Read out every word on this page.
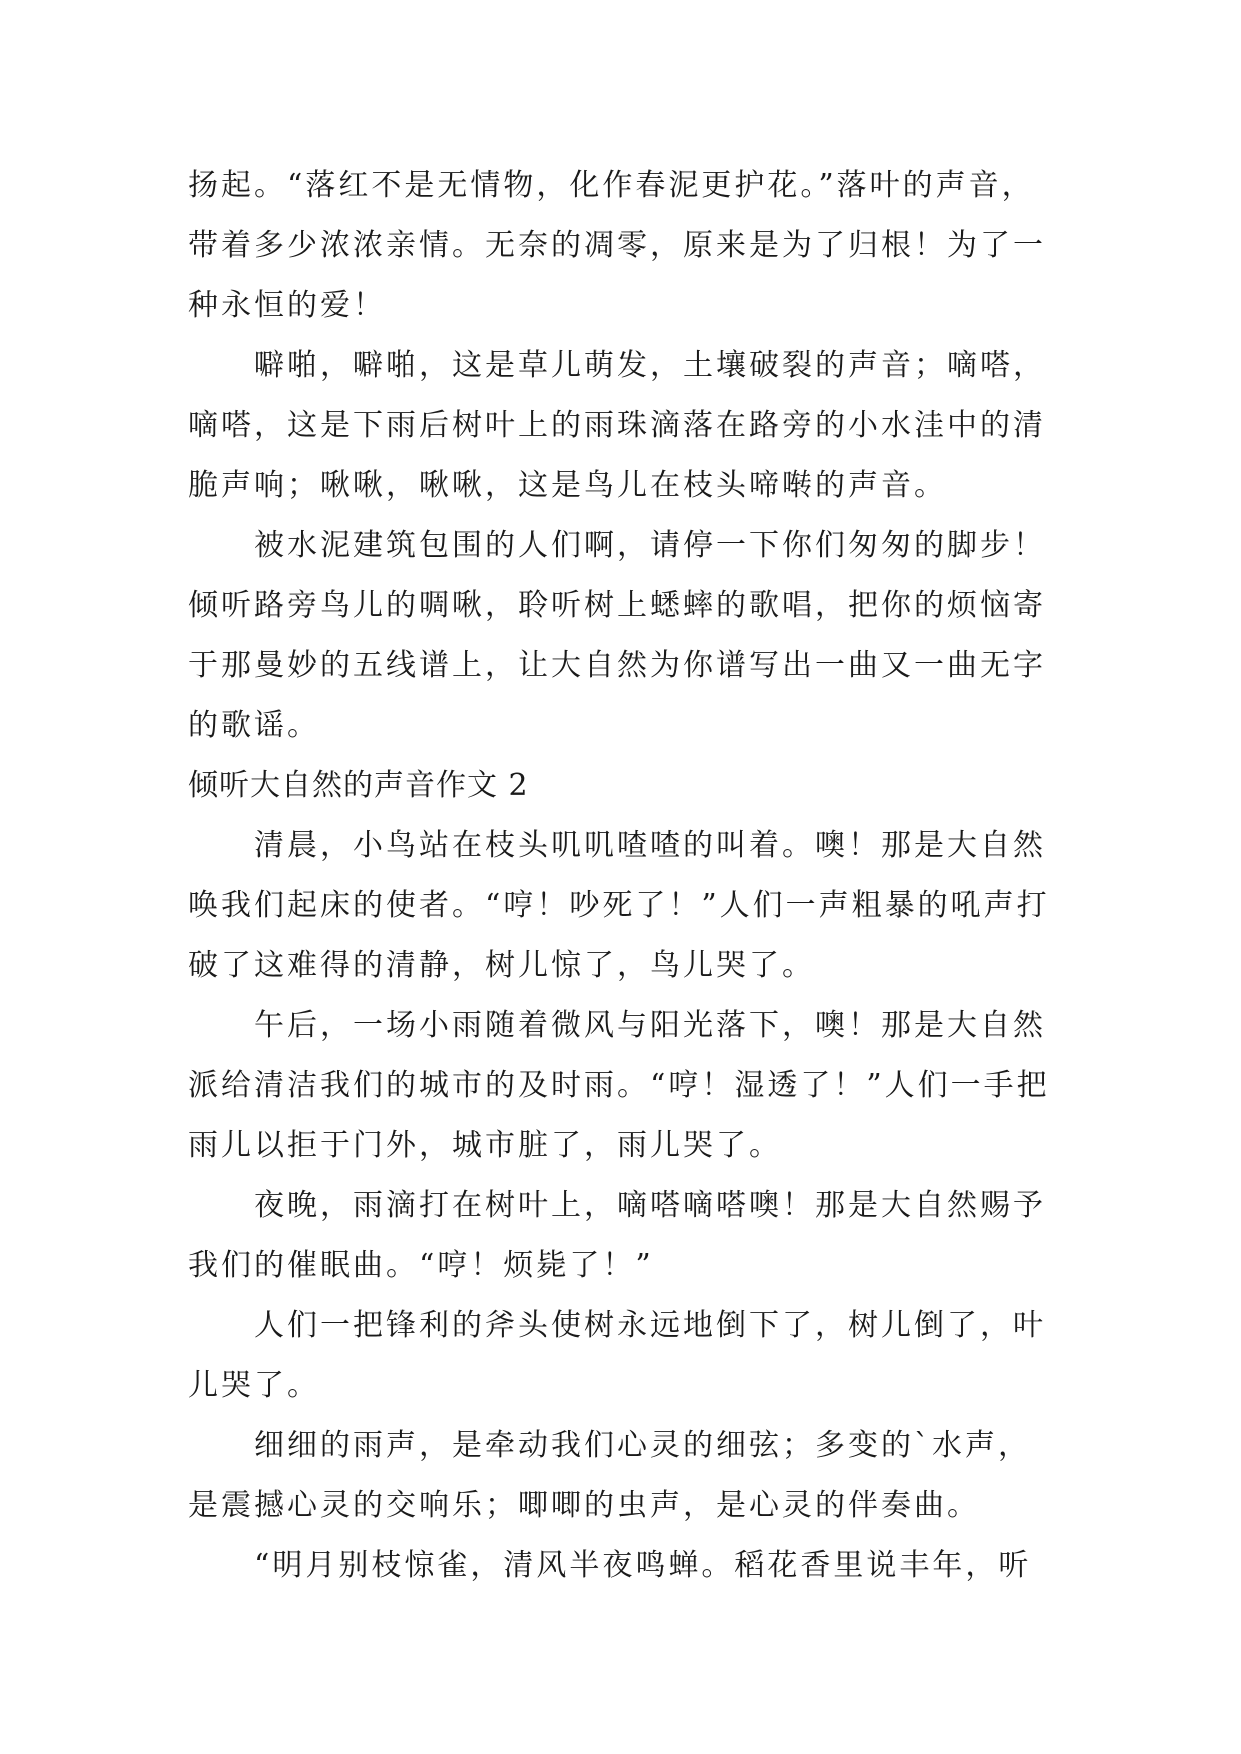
扬起。“落红不是无情物，化作春泥更护花。”落叶的声音，
带着多少浓浓亲情。无奈的凋零，原来是为了归根！为了一
种永恒的爱！
　　噼啪，噼啪，这是草儿萌发，土壤破裂的声音；嘀嗒，
嘀嗒，这是下雨后树叶上的雨珠滴落在路旁的小水洼中的清
脆声响；啾啾，啾啾，这是鸟儿在枝头啼啭的声音。
　　被水泥建筑包围的人们啊，请停一下你们匆匆的脚步！
倾听路旁鸟儿的啁啾，聆听树上蟋蟀的歌唱，把你的烦恼寄
于那曼妙的五线谱上，让大自然为你谱写出一曲又一曲无字
的歌谣。
倾听大自然的声音作文 2
　　清晨，小鸟站在枝头叽叽喳喳的叫着。噢！那是大自然
唤我们起床的使者。“哼！吵死了！”人们一声粗暴的吼声打
破了这难得的清静，树儿惊了，鸟儿哭了。
　　午后，一场小雨随着微风与阳光落下，噢！那是大自然
派给清洁我们的城市的及时雨。“哼！湿透了！”人们一手把
雨儿以拒于门外，城市脏了，雨儿哭了。
　　夜晚，雨滴打在树叶上，嘀嗒嘀嗒噢！那是大自然赐予
我们的催眠曲。“哼！烦毙了！”
　　人们一把锋利的斧头使树永远地倒下了，树儿倒了，叶
儿哭了。
　　细细的雨声，是牵动我们心灵的细弦；多变的`水声，
是震撼心灵的交响乐；唧唧的虫声，是心灵的伴奏曲。
　　“明月别枝惊雀，清风半夜鸣蝉。稻花香里说丰年，听
